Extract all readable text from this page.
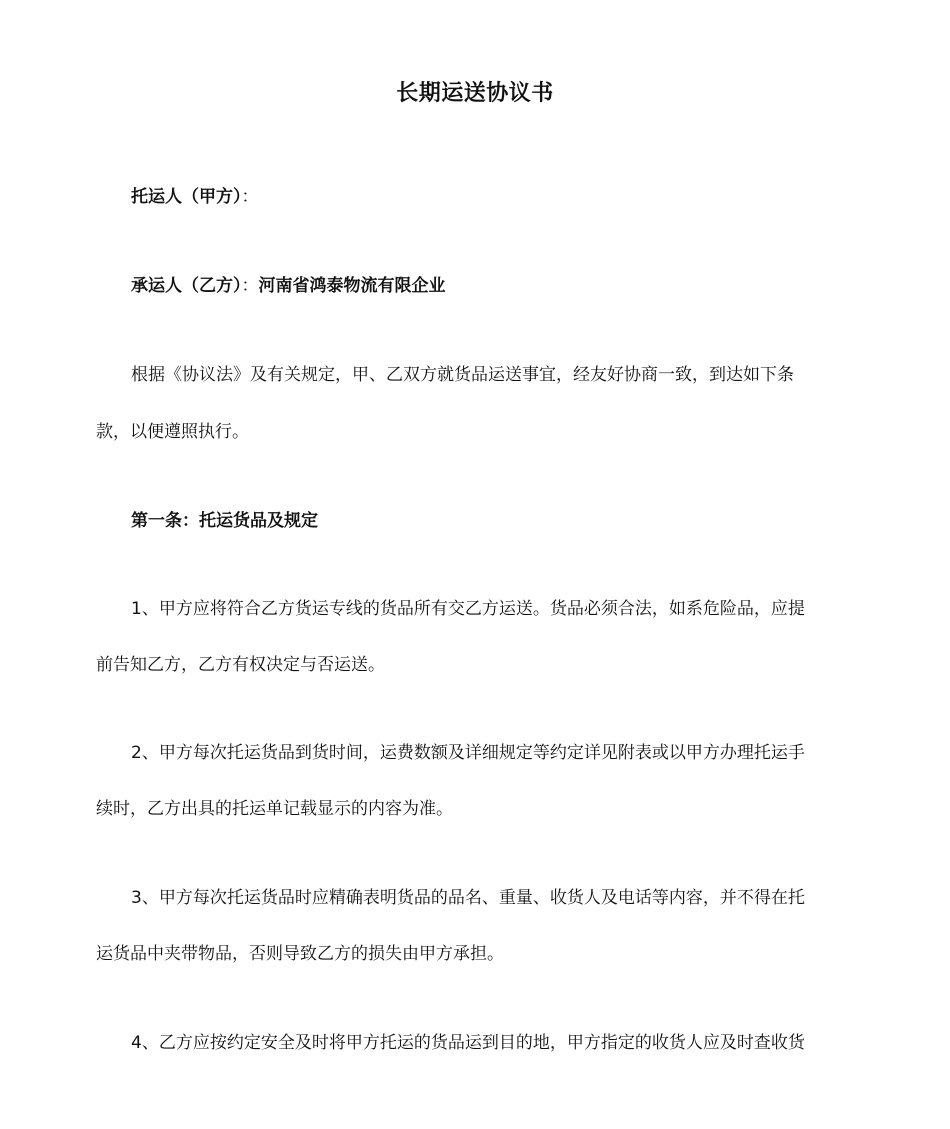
长期运送协议书
托运人（甲方）：
承运人（乙方）：河南省鸿泰物流有限企业
根据《协议法》及有关规定，甲、乙双方就货品运送事宜，经友好协商一致，到达如下条
款，以便遵照执行。
第一条：托运货品及规定
1、甲方应将符合乙方货运专线的货品所有交乙方运送。货品必须合法，如系危险品，应提
前告知乙方，乙方有权决定与否运送。
2、甲方每次托运货品到货时间，运费数额及详细规定等约定详见附表或以甲方办理托运手
续时，乙方出具的托运单记载显示的内容为准。
3、甲方每次托运货品时应精确表明货品的品名、重量、收货人及电话等内容，并不得在托
运货品中夹带物品，否则导致乙方的损失由甲方承担。
4、乙方应按约定安全及时将甲方托运的货品运到目的地，甲方指定的收货人应及时查收货
